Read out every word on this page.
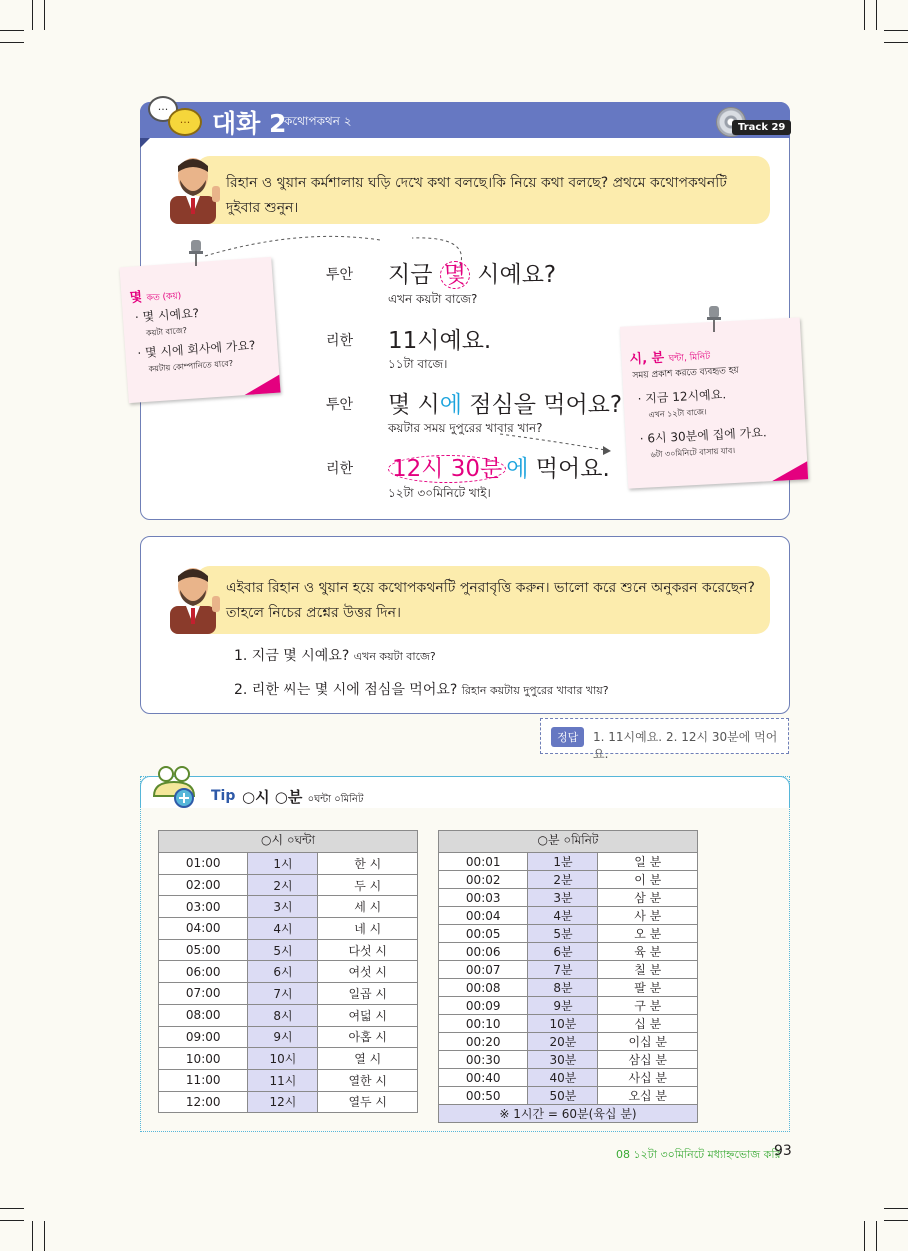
...
... 대화 2
কথোপকথন ২	Track 29
রিহান ও থুয়ান কর্মশালায় ঘড়ি দেখে কথা বলছে।কি নিয়ে কথা বলছে? প্রথমে কথোপকথনটি দুইবার শুনুন।
투안 지금 몇 시예요?
এখন কয়টা বাজে?
리한 11시예요.
১১টা বাজে।
투안 몇 시에 점심을 먹어요?
কয়টার সময় দুপুরের খাবার খান?
리한 12시 30분 에 먹어요.
১২টা ৩০মিনিটে খাই।
몇 কত (কয়)
· 몇 시예요?
কয়টা বাজে?
· 몇 시에 회사에 가요?
কয়টায় কোম্পানিতে যাবে?	시, 분 ঘন্টা, মিনিট
সময় প্রকাশ করতে ব্যবহৃত হয়
· 지금 12시예요.
এখন ১২টা বাজে।
· 6시 30분에 집에 가요.
৬টা ৩০মিনিটে বাসায় যাব।
এইবার রিহান ও থুয়ান হয়ে কথোপকথনটি পুনরাবৃত্তি করুন। ভালো করে শুনে অনুকরন করেছেন? তাহলে নিচের প্রশ্নের উত্তর দিন।
1. 지금 몇 시예요? এখন কয়টা বাজে?
2. 리한 씨는 몇 시에 점심을 먹어요? রিহান কয়টায় দুপুরের খাবার খায়?
정답	1. 11시예요. 2. 12시 30분에 먹어요.
Tip ○시 ○분 ০ঘন্টা ০মিনিট
○시 ০ঘন্টা		
01:00	1시	한 시
02:00	2시	두 시
03:00	3시	세 시
04:00	4시	네 시
05:00	5시	다섯 시
06:00	6시	여섯 시
07:00	7시	일곱 시
08:00	8시	여덟 시
09:00	9시	아홉 시
10:00	10시	열 시
11:00	11시	열한 시
12:00	12시	열두 시
○분 ০মিনিট		
00:01	1분	일 분
00:02	2분	이 분
00:03	3분	삼 분
00:04	4분	사 분
00:05	5분	오 분
00:06	6분	육 분
00:07	7분	칠 분
00:08	8분	팔 분
00:09	9분	구 분
00:10	10분	십 분
00:20	20분	이십 분
00:30	30분	삼십 분
00:40	40분	사십 분
00:50	50분	오십 분
※ 1시간 = 60분(육십 분)		
08 ১২টা ৩০মিনিটে মধ্যাহ্নভোজ করি
93
